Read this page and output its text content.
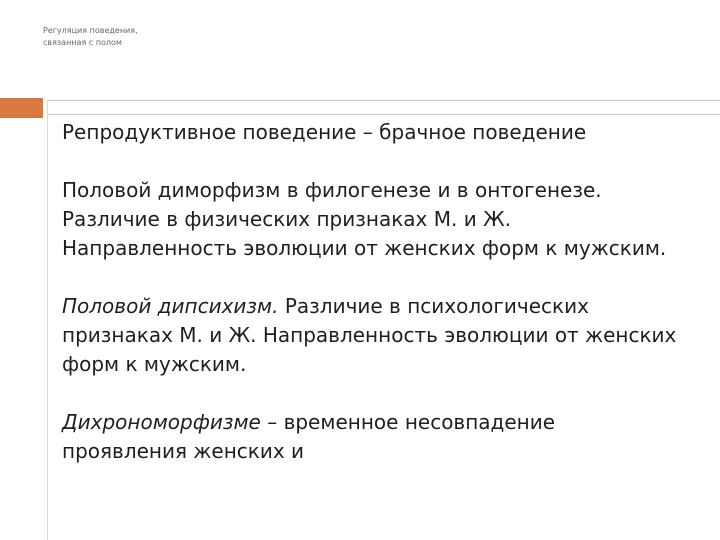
Регуляция поведения,
связанная с полом
Репродуктивное поведение – брачное поведение
Половой диморфизм в филогенезе и в онтогенезе. Различие в физических признаках М. и Ж. Направленность эволюции от женских форм к мужским.
Половой дипсихизм. Различие в психологических признаках М. и Ж. Направленность эволюции от женских форм к мужским.
Дихрономорфизме – временное несовпадение проявления женских и
